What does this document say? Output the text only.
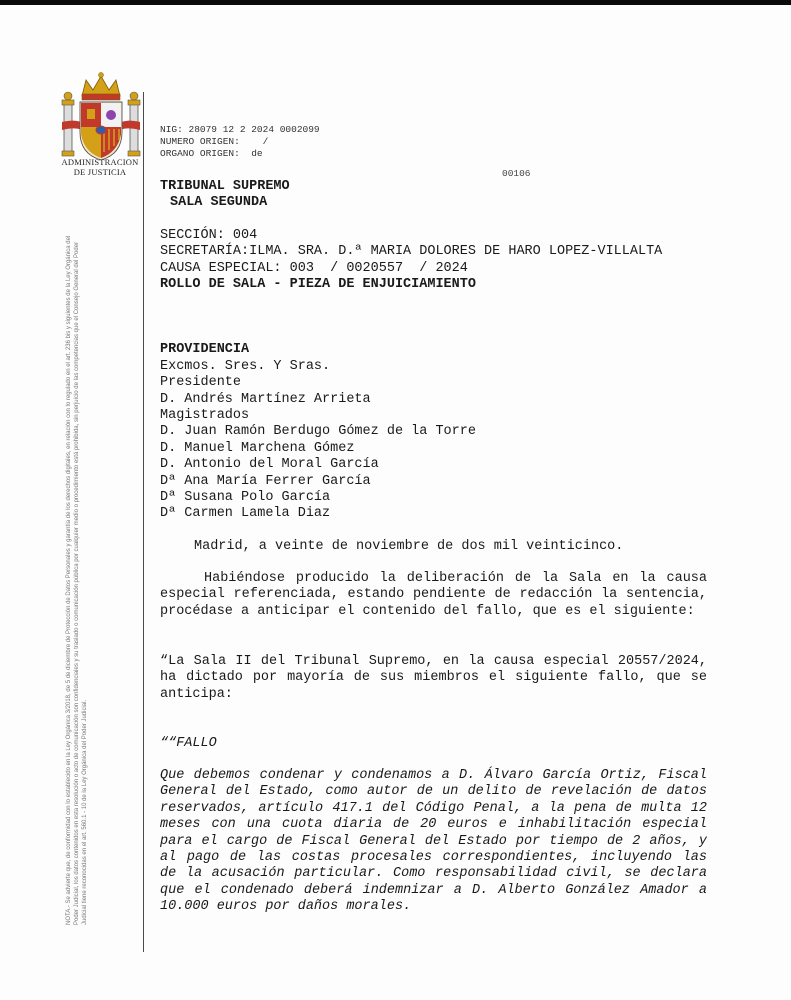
ADMINISTRACION
DE JUSTICIA
NOTA.- Se advierte que, de conformidad con lo establecido en la Ley Orgánica 3/2018, de 5 de diciembre de Protección de Datos Personales y garantía de los derechos digitales, en relación con lo regulado en el art. 236 bis y siguientes de la Ley Orgánica del Poder Judicial, los datos contenidos en esta resolución o acto de comunicación son confidenciales y su traslado o comunicación pública por cualquier medio o procedimiento está prohibida, sin perjuicio de las competencias que el Consejo General del Poder Judicial tiene reconocidas en el art. 560.1 - 10 de la Ley Orgánica del Poder Judicial.
NIG: 28079 12 2 2024 0002099
NUMERO ORIGEN:    /
ORGANO ORIGEN:  de
00106
TRIBUNAL SUPREMO
SALA SEGUNDA
SECCIÓN: 004
SECRETARÍA:ILMA. SRA. D.ª MARIA DOLORES DE HARO LOPEZ-VILLALTA
CAUSA ESPECIAL: 003  / 0020557  / 2024
ROLLO DE SALA - PIEZA DE ENJUICIAMIENTO
PROVIDENCIA
Excmos. Sres. Y Sras.
Presidente
D. Andrés Martínez Arrieta
Magistrados
D. Juan Ramón Berdugo Gómez de la Torre
D. Manuel Marchena Gómez
D. Antonio del Moral García
Dª Ana María Ferrer García
Dª Susana Polo García
Dª Carmen Lamela Diaz
Madrid, a veinte de noviembre de dos mil veinticinco.
Habiéndose producido la deliberación de la Sala en la causa especial referenciada, estando pendiente de redacción la sentencia, procédase a anticipar el contenido del fallo, que es el siguiente:
“La Sala II del Tribunal Supremo, en la causa especial 20557/2024, ha dictado por mayoría de sus miembros el siguiente fallo, que se anticipa:
““FALLO
Que debemos condenar y condenamos a D. Álvaro García Ortiz, Fiscal General del Estado, como autor de un delito de revelación de datos reservados, artículo 417.1 del Código Penal, a la pena de multa 12 meses con una cuota diaria de 20 euros e inhabilitación especial para el cargo de Fiscal General del Estado por tiempo de 2 años, y al pago de las costas procesales correspondientes, incluyendo las de la acusación particular. Como responsabilidad civil, se declara que el condenado deberá indemnizar a D. Alberto González Amador a 10.000 euros por daños morales.
